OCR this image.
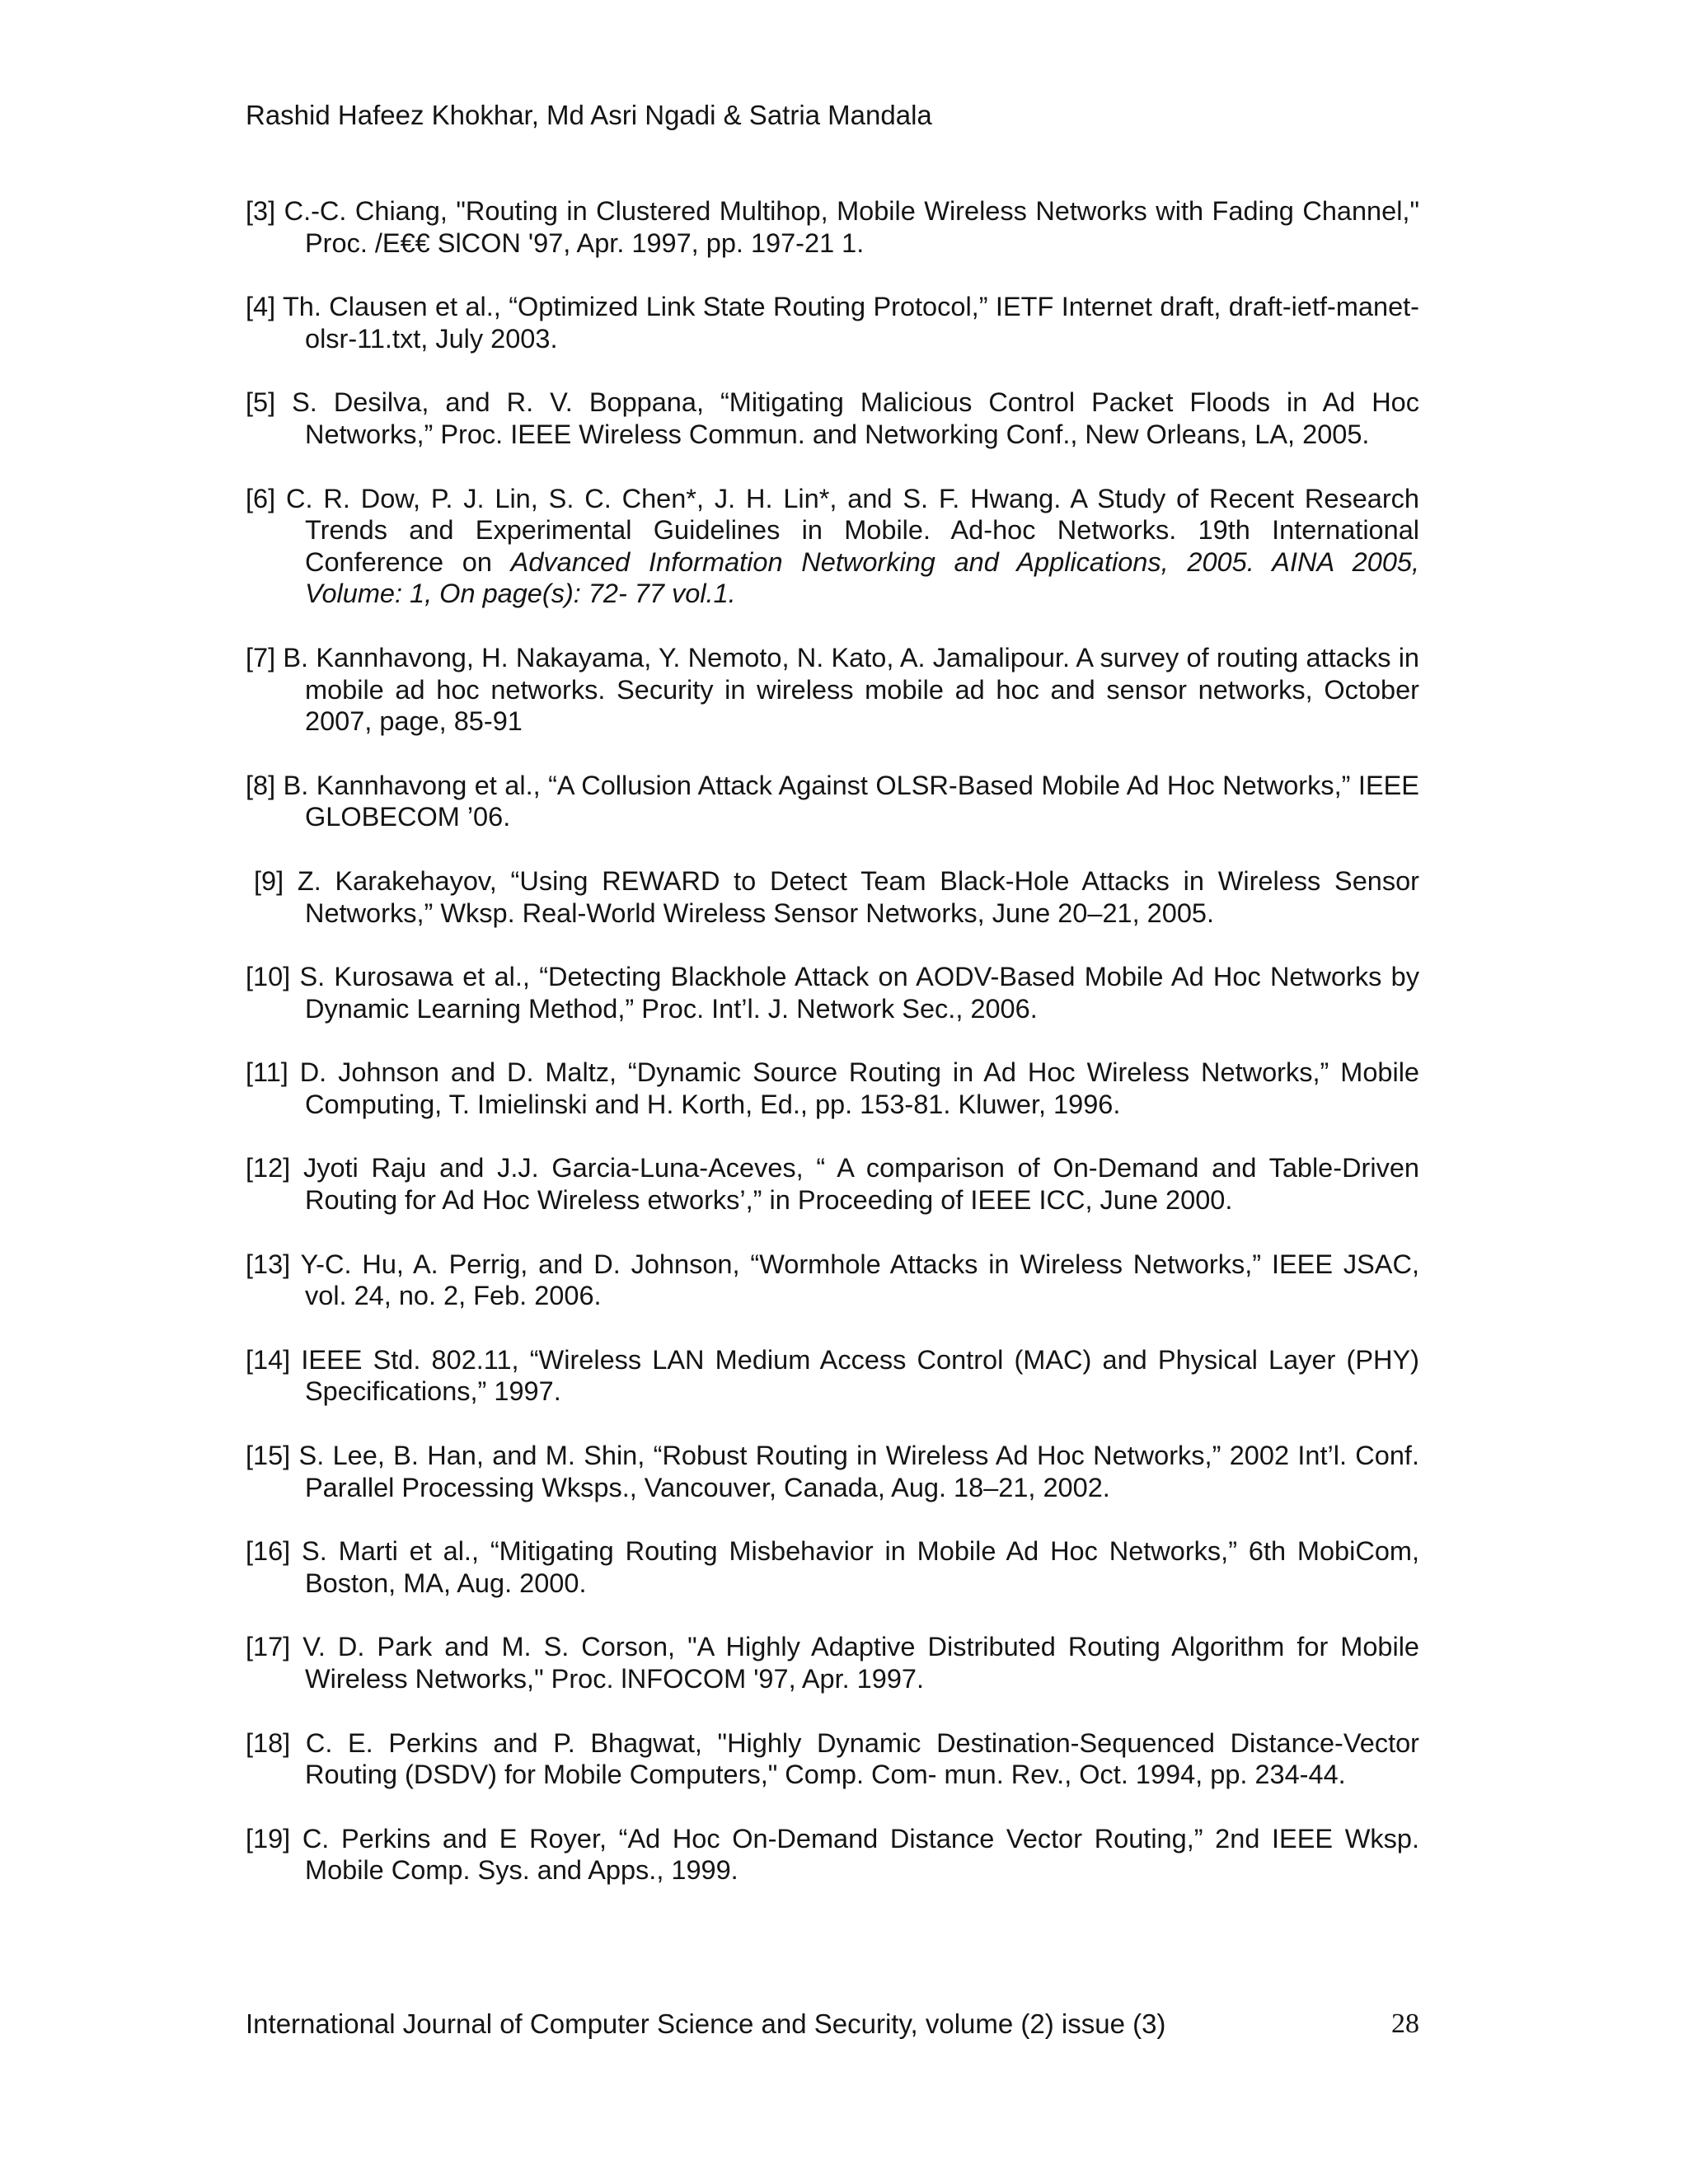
Rashid Hafeez Khokhar, Md Asri Ngadi & Satria Mandala

[3] C.-C. Chiang, "Routing in Clustered Multihop, Mobile Wireless Networks with Fading Channel," Proc. /E€€ SlCON '97, Apr. 1997, pp. 197-21 1.

[4] Th. Clausen et al., “Optimized Link State Routing Protocol,” IETF Internet draft, draft-ietf-manet-olsr-11.txt, July 2003.

[5] S. Desilva, and R. V. Boppana, “Mitigating Malicious Control Packet Floods in Ad Hoc Networks,” Proc. IEEE Wireless Commun. and Networking Conf., New Orleans, LA, 2005.

[6] C. R. Dow, P. J. Lin, S. C. Chen*, J. H. Lin*, and S. F. Hwang. A Study of Recent Research Trends and Experimental Guidelines in Mobile. Ad-hoc Networks. 19th International Conference on Advanced Information Networking and Applications, 2005. AINA 2005, Volume: 1, On page(s): 72- 77 vol.1.

[7] B. Kannhavong, H. Nakayama, Y. Nemoto, N. Kato, A. Jamalipour. A survey of routing attacks in mobile ad hoc networks. Security in wireless mobile ad hoc and sensor networks, October 2007, page, 85-91

[8] B. Kannhavong et al., “A Collusion Attack Against OLSR-Based Mobile Ad Hoc Networks,” IEEE GLOBECOM ’06.

[9] Z. Karakehayov, “Using REWARD to Detect Team Black-Hole Attacks in Wireless Sensor Networks,” Wksp. Real-World Wireless Sensor Networks, June 20–21, 2005.

[10] S. Kurosawa et al., “Detecting Blackhole Attack on AODV-Based Mobile Ad Hoc Networks by Dynamic Learning Method,” Proc. Int’l. J. Network Sec., 2006.

[11] D. Johnson and D. Maltz, “Dynamic Source Routing in Ad Hoc Wireless Networks,” Mobile Computing, T. Imielinski and H. Korth, Ed., pp. 153-81. Kluwer, 1996.

[12] Jyoti Raju and J.J. Garcia-Luna-Aceves, “ A comparison of On-Demand and Table-Driven Routing for Ad Hoc Wireless etworks’,” in Proceeding of IEEE ICC, June 2000.

[13] Y-C. Hu, A. Perrig, and D. Johnson, “Wormhole Attacks in Wireless Networks,” IEEE JSAC, vol. 24, no. 2, Feb. 2006.

[14] IEEE Std. 802.11, “Wireless LAN Medium Access Control (MAC) and Physical Layer (PHY) Specifications,” 1997.

[15] S. Lee, B. Han, and M. Shin, “Robust Routing in Wireless Ad Hoc Networks,” 2002 Int’l. Conf. Parallel Processing Wksps., Vancouver, Canada, Aug. 18–21, 2002.

[16] S. Marti et al., “Mitigating Routing Misbehavior in Mobile Ad Hoc Networks,” 6th MobiCom, Boston, MA, Aug. 2000.

[17] V. D. Park and M. S. Corson, "A Highly Adaptive Distributed Routing Algorithm for Mobile Wireless Networks," Proc. lNFOCOM '97, Apr. 1997.

[18] C. E. Perkins and P. Bhagwat, "Highly Dynamic Destination-Sequenced Distance-Vector Routing (DSDV) for Mobile Computers," Comp. Com- mun. Rev., Oct. 1994, pp. 234-44.

[19] C. Perkins and E Royer, “Ad Hoc On-Demand Distance Vector Routing,” 2nd IEEE Wksp. Mobile Comp. Sys. and Apps., 1999.

International Journal of Computer Science and Security, volume (2) issue (3)	28
